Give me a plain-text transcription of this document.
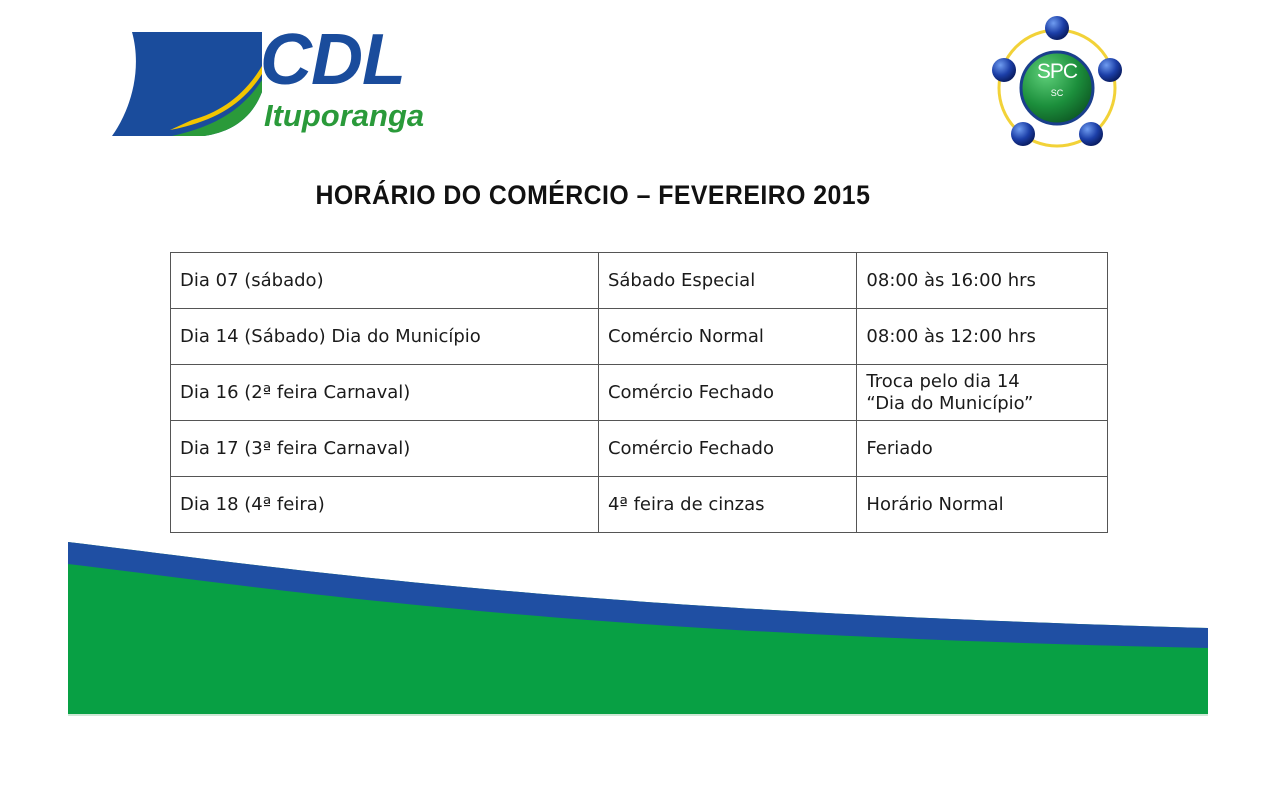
CDL
Ituporanga
SPC
SC
HORÁRIO DO COMÉRCIO – FEVEREIRO 2015
Dia 07 (sábado)	Sábado Especial	08:00 às 16:00 hrs
Dia 14 (Sábado) Dia do Município	Comércio Normal	08:00 às 12:00 hrs
Dia 16 (2ª feira Carnaval)	Comércio Fechado	Troca pelo dia 14
“Dia do Município”

Dia 17 (3ª feira Carnaval)	Comércio Fechado	Feriado
Dia 18 (4ª feira)	4ª feira de cinzas	Horário Normal
